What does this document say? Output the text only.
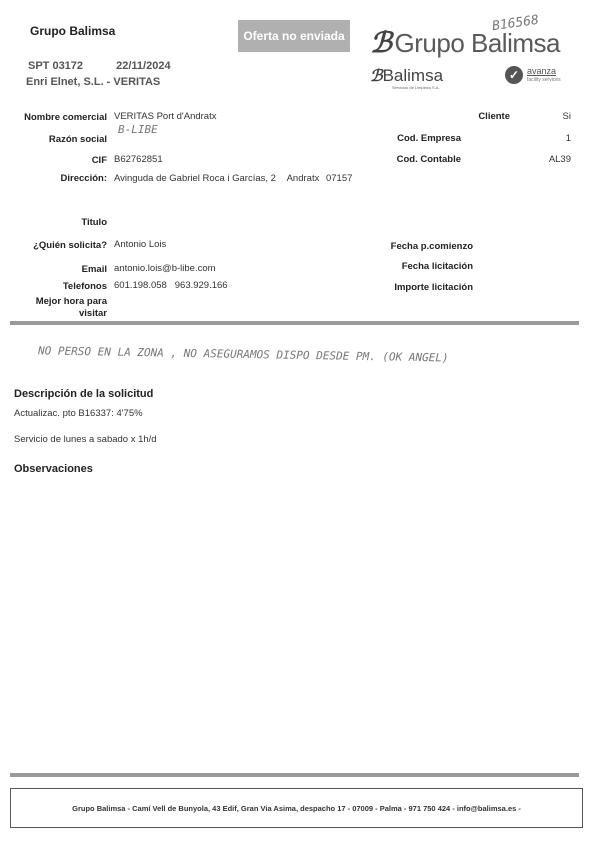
Grupo Balimsa
SPT 03172	22/11/2024
Enri Elnet, S.L. - VERITAS
Oferta no enviada
B16568
ℬ Grupo Balimsa
ℬBalimsa
Servicios de Limpieza S.A.
✓ avanza
facility services
Nombre comercial VERITAS Port d'Andratx
Razón social
B-LIBE
CIF B62762851
Dirección: Avinguda de Gabriel Roca i Garcías, 2 Andratx 07157
Cliente	Si
Cod. Empresa	1
Cod. Contable	AL39
Titulo
¿Quién solicita? Antonio Lois
Email antonio.lois@b-libe.com
Telefonos 601.198.058   963.929.166
Mejor hora para
visitar
Fecha p.comienzo
Fecha licitación
Importe licitación
NO PERSO EN LA ZONA , NO ASEGURAMOS DISPO DESDE PM. (OK ANGEL)
Descripción de la solicitud
Actualizac. pto B16337: 4'75%
Servicio de lunes a sabado x 1h/d
Observaciones
Grupo Balimsa - Camí Vell de Bunyola, 43 Edif, Gran Via Asima, despacho 17 - 07009 - Palma - 971 750 424 - info@balimsa.es -
